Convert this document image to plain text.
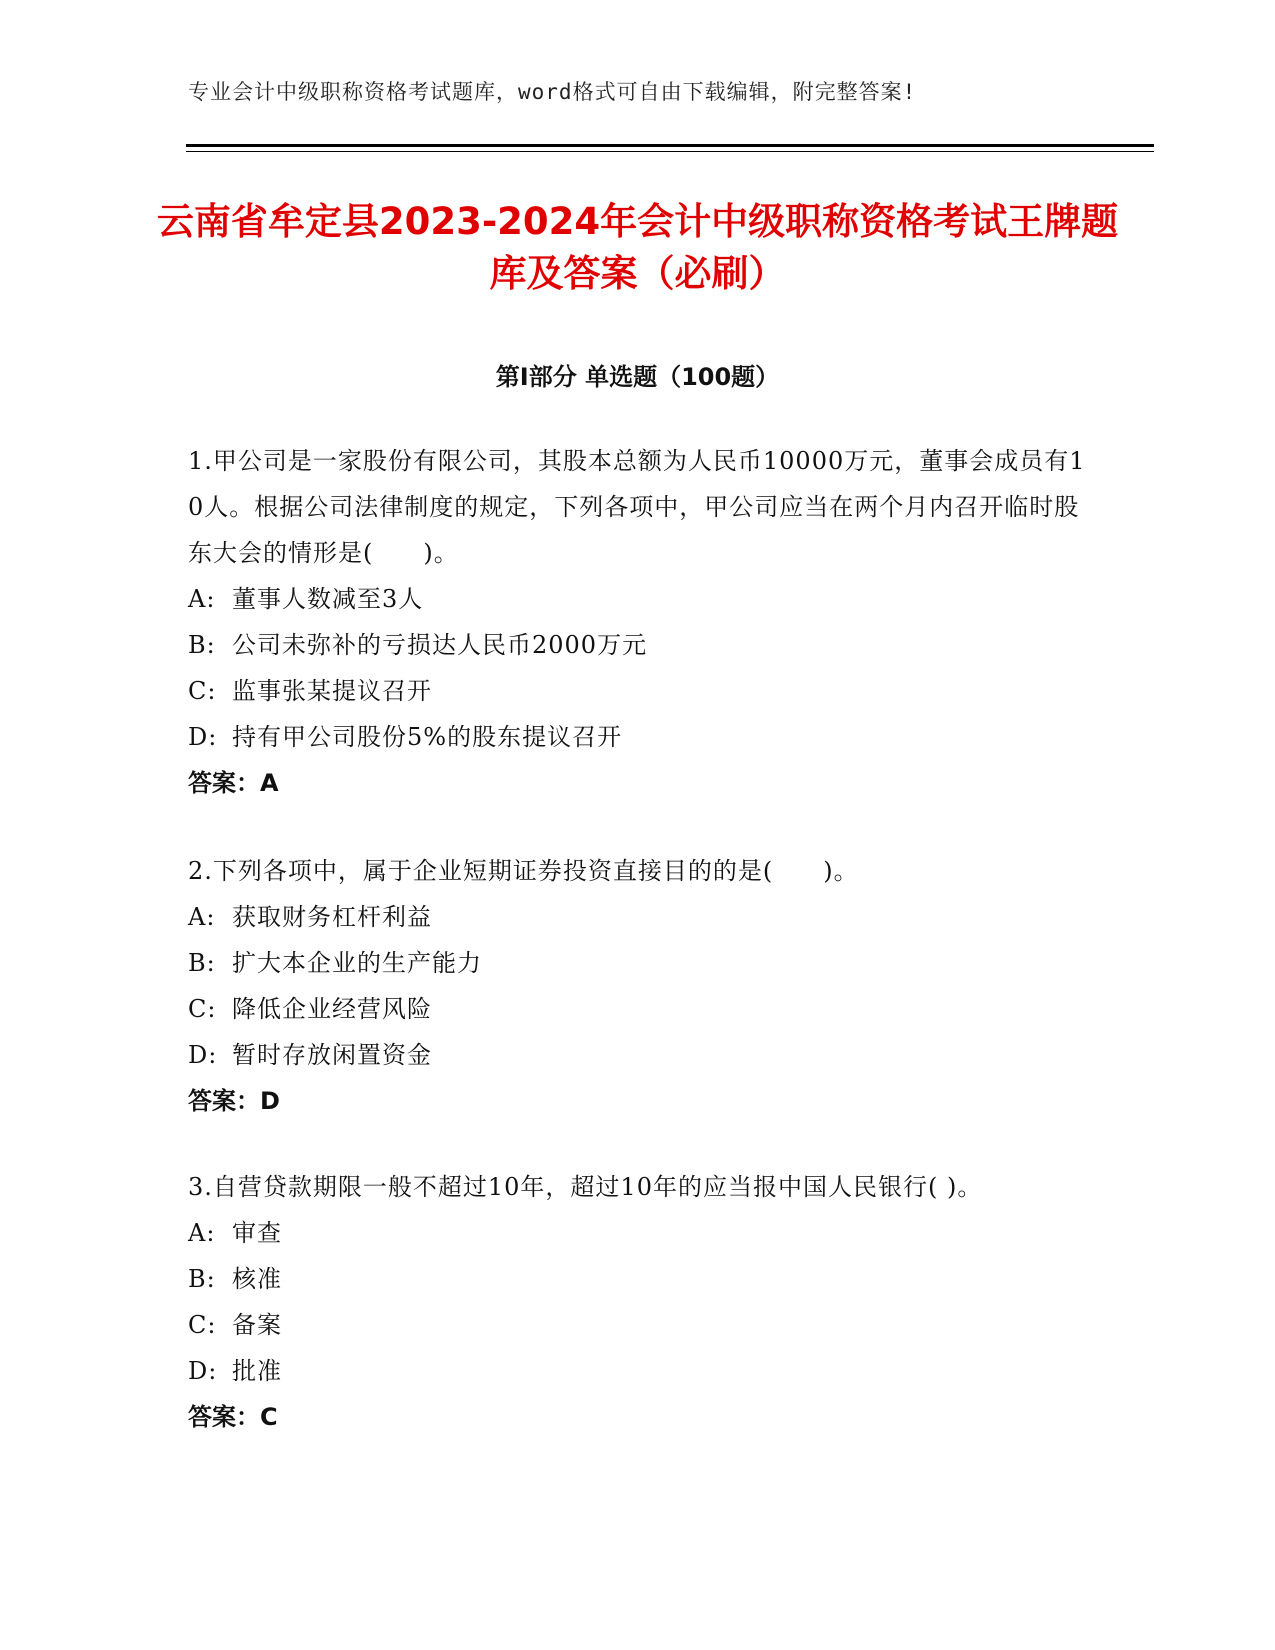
专业会计中级职称资格考试题库，word格式可自由下载编辑，附完整答案!
云南省牟定县2023-2024年会计中级职称资格考试王牌题库及答案（必刷）
第Ⅰ部分 单选题（100题）

1.甲公司是一家股份有限公司，其股本总额为人民币10000万元，董事会成员有10人。根据公司法律制度的规定，下列各项中，甲公司应当在两个月内召开临时股东大会的情形是(　　)。

A: 董事人数减至3人

B: 公司未弥补的亏损达人民币2000万元

C: 监事张某提议召开

D: 持有甲公司股份5%的股东提议召开

答案：A

2.下列各项中，属于企业短期证券投资直接目的的是(　　)。

A: 获取财务杠杆利益

B: 扩大本企业的生产能力

C: 降低企业经营风险

D: 暂时存放闲置资金

答案：D

3.自营贷款期限一般不超过10年，超过10年的应当报中国人民银行( )。

A: 审查

B: 核准

C: 备案

D: 批准

答案：C
